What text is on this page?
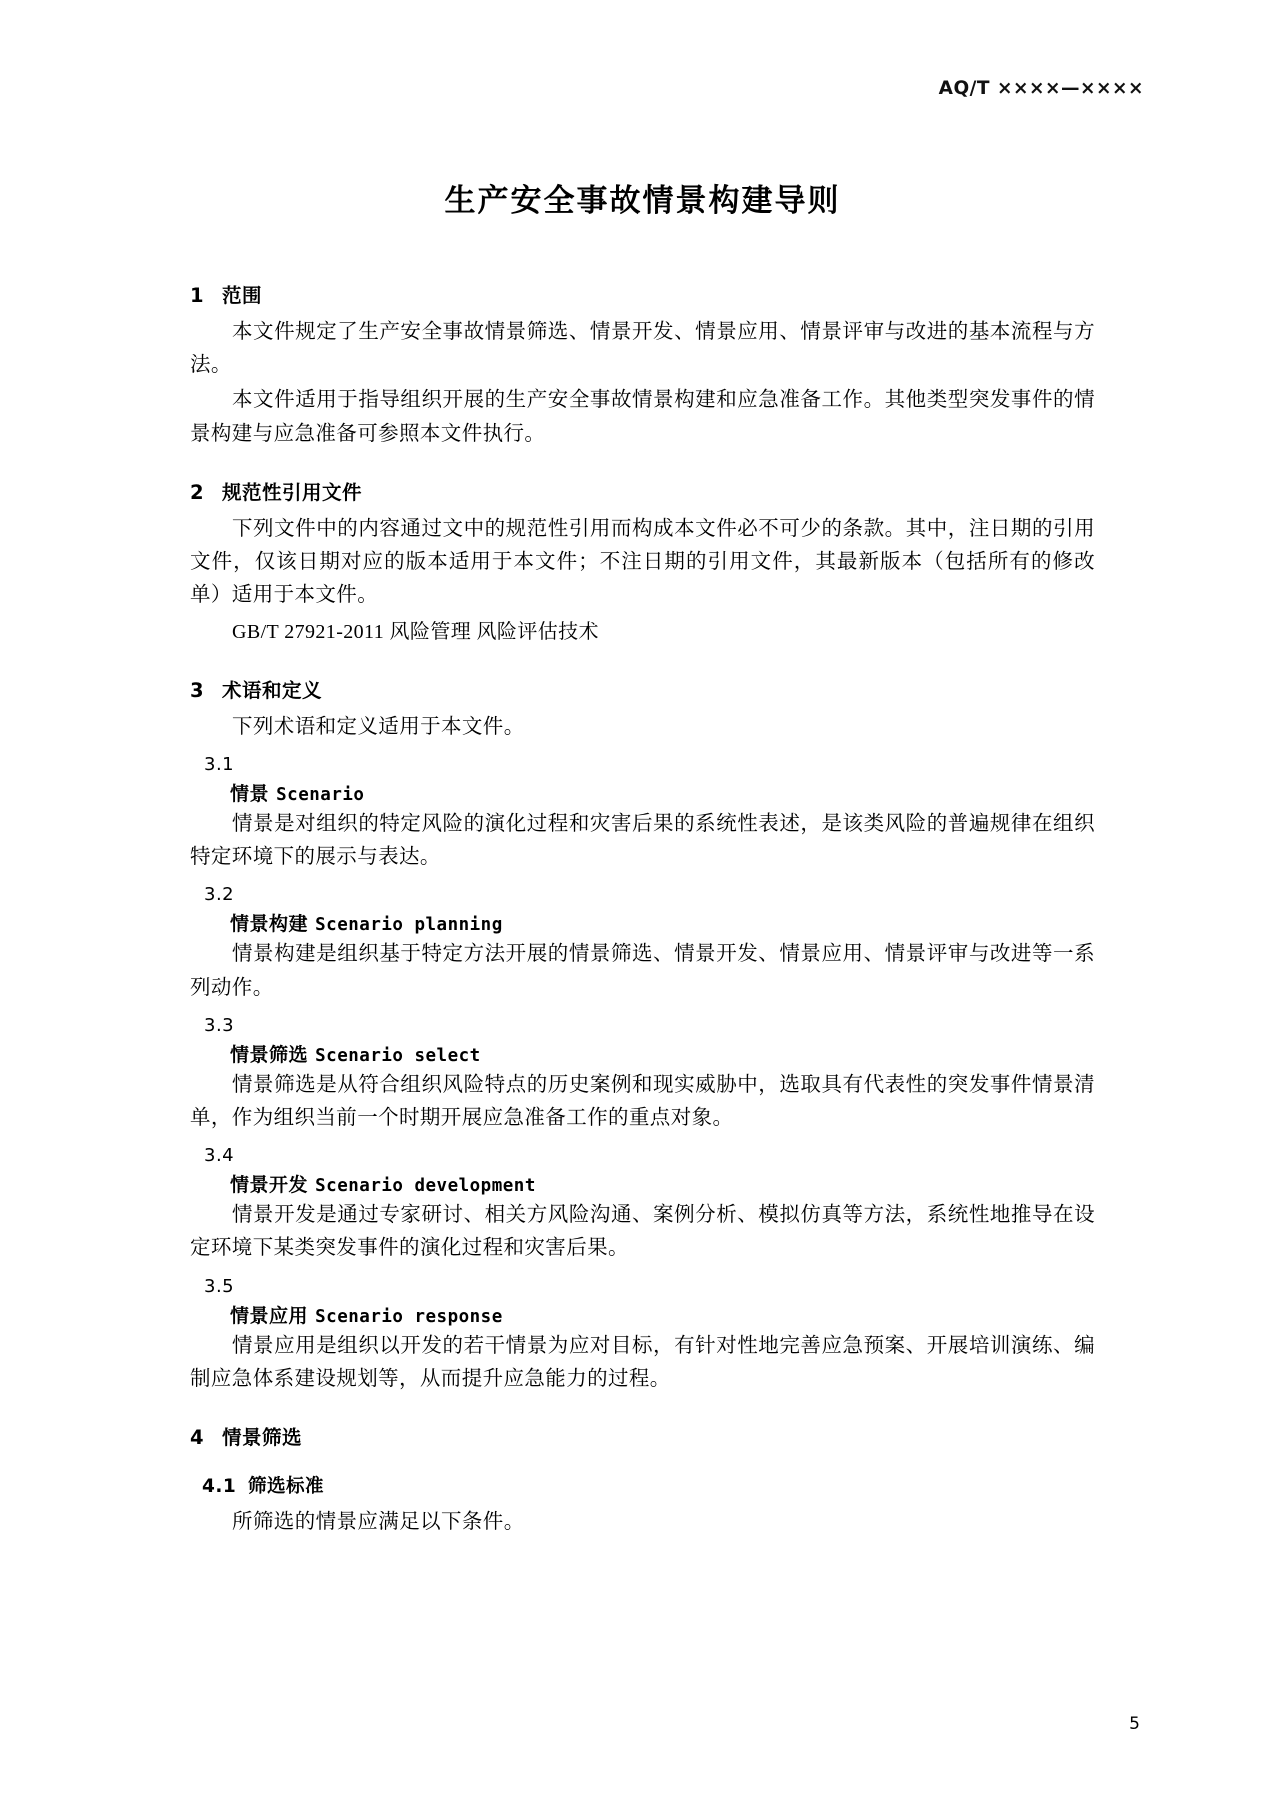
AQ/T ××××—××××
生产安全事故情景构建导则
1 范围

本文件规定了生产安全事故情景筛选、情景开发、情景应用、情景评审与改进的基本流程与方法。

本文件适用于指导组织开展的生产安全事故情景构建和应急准备工作。其他类型突发事件的情景构建与应急准备可参照本文件执行。

2 规范性引用文件

下列文件中的内容通过文中的规范性引用而构成本文件必不可少的条款。其中，注日期的引用文件，仅该日期对应的版本适用于本文件；不注日期的引用文件，其最新版本（包括所有的修改单）适用于本文件。

GB/T 27921-2011 风险管理 风险评估技术
3 术语和定义

下列术语和定义适用于本文件。

3.1
情景 Scenario

情景是对组织的特定风险的演化过程和灾害后果的系统性表述，是该类风险的普遍规律在组织特定环境下的展示与表达。

3.2
情景构建 Scenario planning

情景构建是组织基于特定方法开展的情景筛选、情景开发、情景应用、情景评审与改进等一系列动作。

3.3
情景筛选 Scenario select

情景筛选是从符合组织风险特点的历史案例和现实威胁中，选取具有代表性的突发事件情景清单，作为组织当前一个时期开展应急准备工作的重点对象。

3.4
情景开发 Scenario development

情景开发是通过专家研讨、相关方风险沟通、案例分析、模拟仿真等方法，系统性地推导在设定环境下某类突发事件的演化过程和灾害后果。

3.5
情景应用 Scenario response

情景应用是组织以开发的若干情景为应对目标，有针对性地完善应急预案、开展培训演练、编制应急体系建设规划等，从而提升应急能力的过程。

4 情景筛选
4.1 筛选标准

所筛选的情景应满足以下条件。

5
